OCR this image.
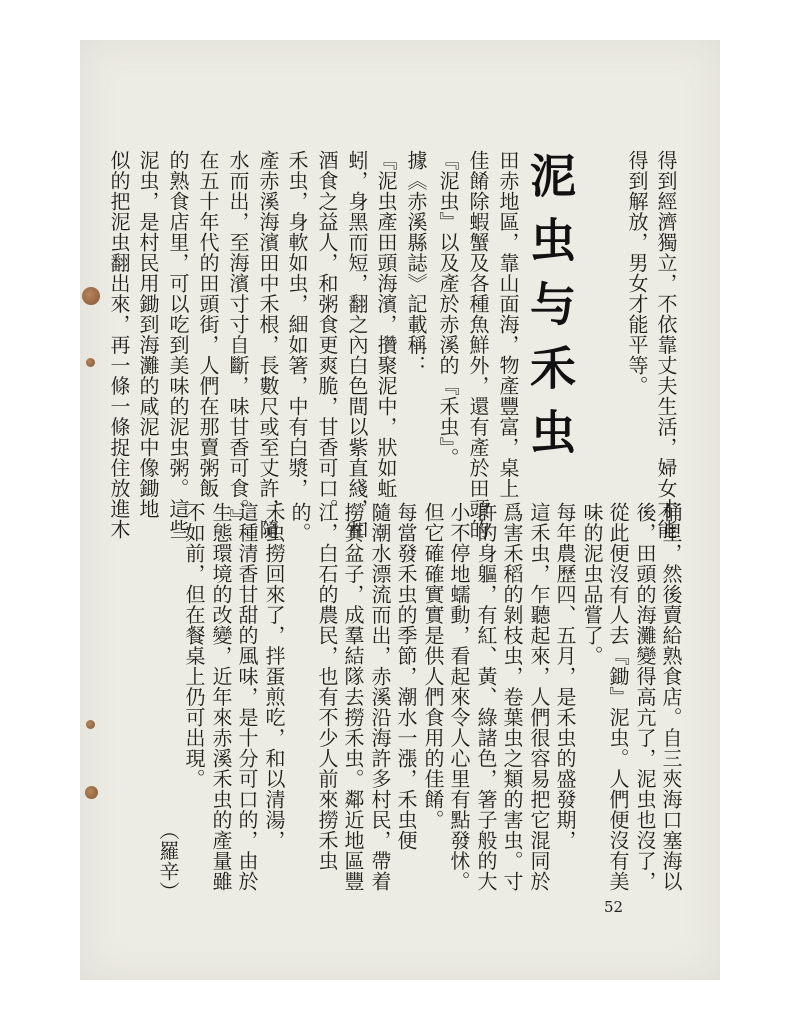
得到經濟獨立，不依靠丈夫生活，婦女才能
得到解放，男女才能平等。
田赤地區，靠山面海，物產豐富，桌上
佳餚除蝦蟹及各種魚鮮外，還有產於田頭的
『泥虫』以及產於赤溪的『禾虫』。
據《赤溪縣誌》記載稱：
『泥虫產田頭海濱，攢聚泥中，狀如蚯
蚓，身黑而短，翻之內白色間以紫直綫，和
酒食之益人，和粥食更爽脆，甘香可口。
禾虫，身軟如虫，細如箸，中有白漿，
產赤溪海濱田中禾根，長數尺或至丈許，隨
水而出，至海濱寸寸自斷，味甘香可食。』
在五十年代的田頭街，人們在那賣粥飯
的熟食店里，可以吃到美味的泥虫粥。這些
泥虫，是村民用鋤到海灘的咸泥中像鋤地
似的把泥虫翻出來，再一條一條捉住放進木
桶里，然後賣給熟食店。自三夾海口塞海以
後，田頭的海灘變得高亢了，泥虫也沒了，
從此便沒有人去『鋤』泥虫。人們便沒有美
味的泥虫品嘗了。
每年農歷四、五月，是禾虫的盛發期，
這禾虫，乍聽起來，人們很容易把它混同於
爲害禾稻的剝枝虫，卷葉虫之類的害虫。寸
許的身軀，有紅、黃、綠諸色，箸子般的大
小不停地蠕動，看起來令人心里有點發怵。
但它確確實實是供人們食用的佳餚。
每當發禾虫的季節，潮水一漲，禾虫便
隨潮水漂流而出，赤溪沿海許多村民，帶着
撈箕盆子，成羣結隊去撈禾虫。鄰近地區豐
江，白石的農民，也有不少人前來撈禾虫
的。
禾虫撈回來了，拌蛋煎吃，和以清湯，
這種清香甘甜的風味，是十分可口的，由於
生態環境的改變，近年來赤溪禾虫的產量雖
不如前，但在餐桌上仍可出現。
（羅辛）
泥虫与禾虫
52
